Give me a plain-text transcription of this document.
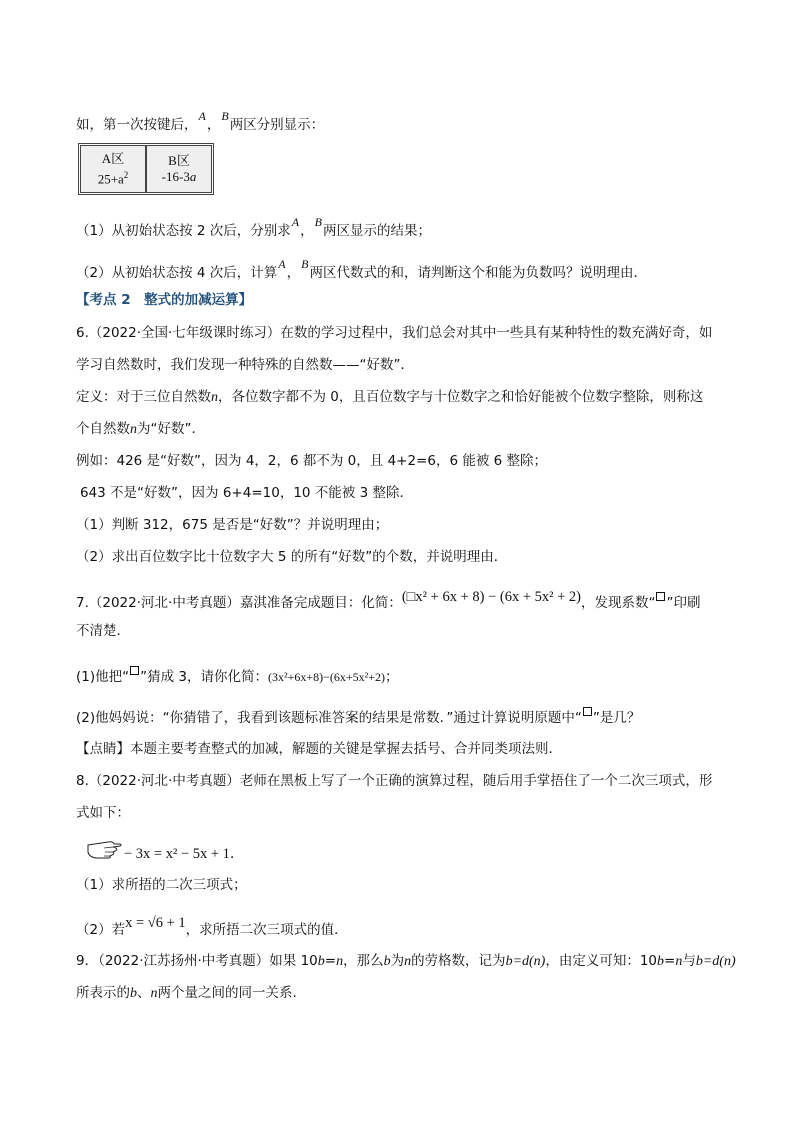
如，第一次按键后，A，B两区分别显示：
A区
$25+a^2$
B区
-16-3a
（1）从初始状态按 2 次后，分别求A，B两区显示的结果；
（2）从初始状态按 4 次后，计算A，B两区代数式的和，请判断这个和能为负数吗？说明理由．
【考点 2　整式的加减运算】
6.（2022·全国·七年级课时练习）在数的学习过程中，我们总会对其中一些具有某种特性的数充满好奇，如
学习自然数时，我们发现一种特殊的自然数——“好数”．
定义：对于三位自然数n，各位数字都不为 0，且百位数字与十位数字之和恰好能被个位数字整除，则称这
个自然数n为“好数”．
例如：426 是“好数”，因为 4，2，6 都不为 0，且 4+2=6，6 能被 6 整除；
643 不是“好数”，因为 6+4=10，10 不能被 3 整除．
（1）判断 312，675 是否是“好数”？并说明理由；
（2）求出百位数字比十位数字大 5 的所有“好数”的个数，并说明理由．
7.（2022·河北·中考真题）嘉淇准备完成题目：化简：(□x² + 6x + 8) − (6x + 5x² + 2)，发现系数“ ”印刷
不清楚．
(1)他把“ ”猜成 3，请你化简：(3x²+6x+8)−(6x+5x²+2)；
(2)他妈妈说：“你猜错了，我看到该题标准答案的结果是常数．”通过计算说明原题中“ ”是几？
【点睛】本题主要考查整式的加减，解题的关键是掌握去括号、合并同类项法则．
8.（2022·河北·中考真题）老师在黑板上写了一个正确的演算过程，随后用手掌捂住了一个二次三项式，形
式如下：
− 3x = x² − 5x + 1．
（1）求所捂的二次三项式；
（2）若x = √6 + 1，求所捂二次三项式的值．
9．（2022·江苏扬州·中考真题）如果 10b=n，那么b为n的劳格数，记为b=d(n)，由定义可知：10b=n与b=d(n)
所表示的b、n两个量之间的同一关系．
